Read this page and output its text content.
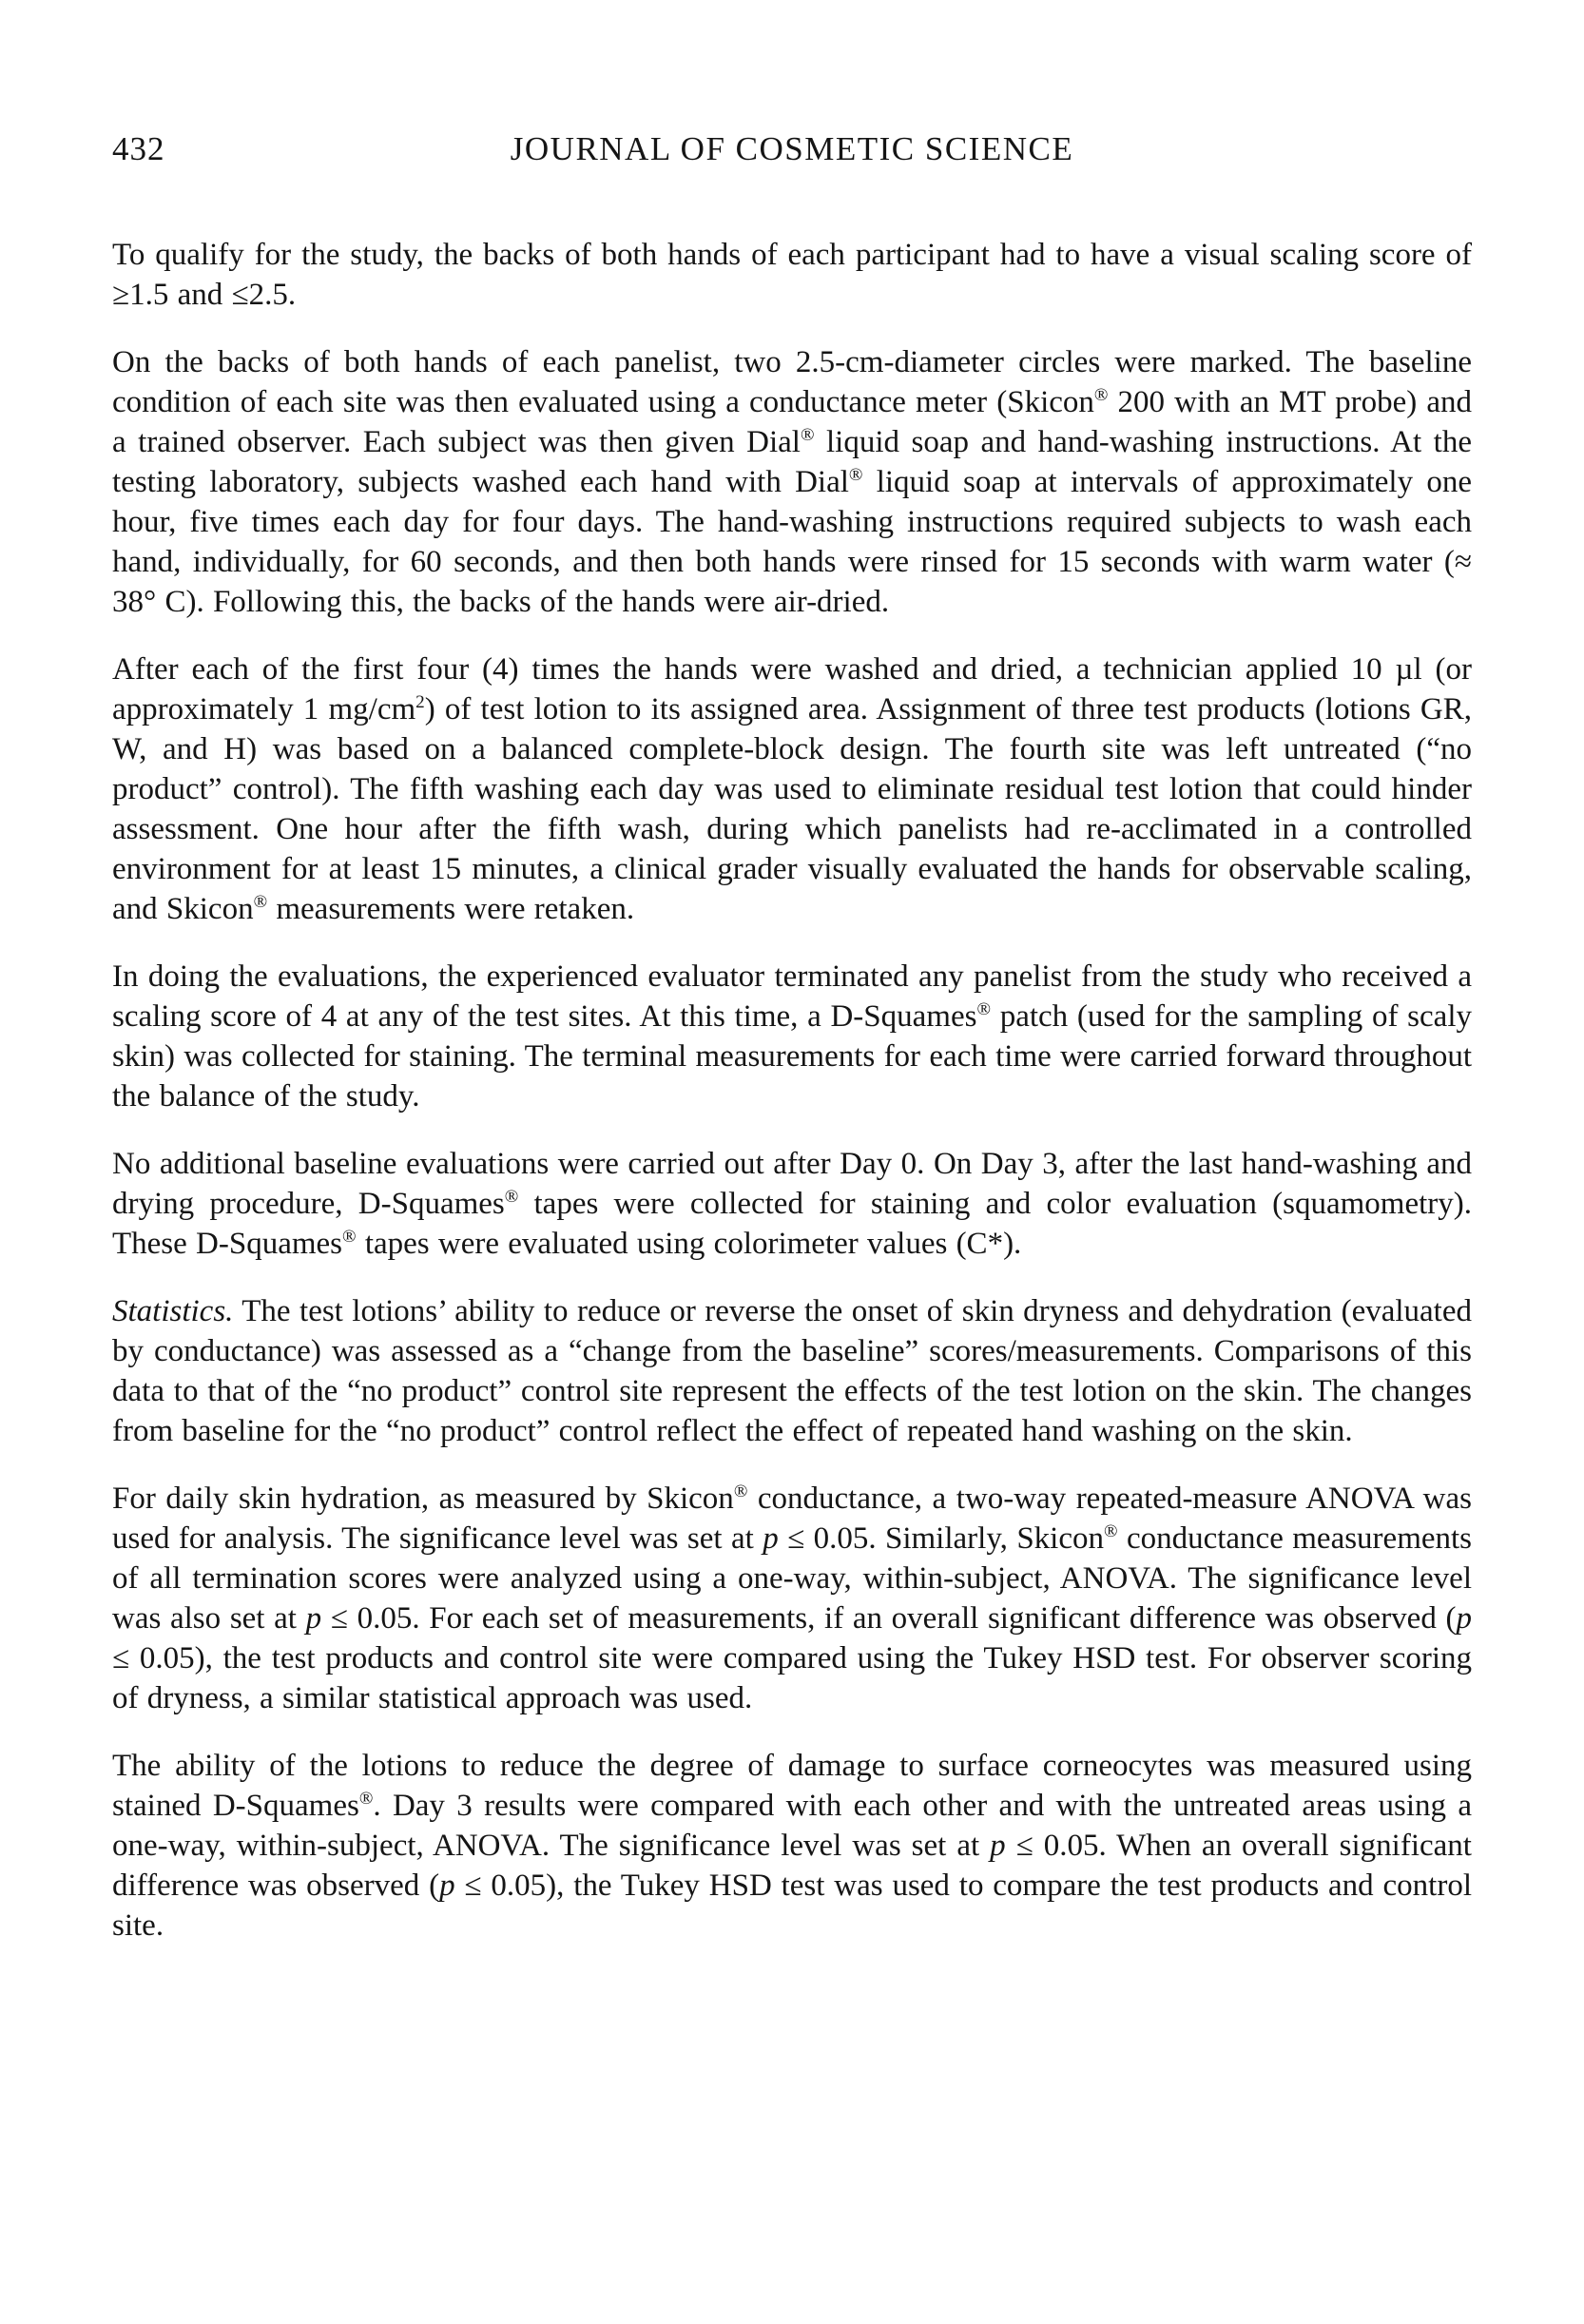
432	JOURNAL OF COSMETIC SCIENCE

To qualify for the study, the backs of both hands of each participant had to have a visual scaling score of ≥1.5 and ≤2.5.

On the backs of both hands of each panelist, two 2.5-cm-diameter circles were marked. The baseline condition of each site was then evaluated using a conductance meter (Skicon® 200 with an MT probe) and a trained observer. Each subject was then given Dial® liquid soap and hand-washing instructions. At the testing laboratory, subjects washed each hand with Dial® liquid soap at intervals of approximately one hour, five times each day for four days. The hand-washing instructions required subjects to wash each hand, individually, for 60 seconds, and then both hands were rinsed for 15 seconds with warm water (≈ 38° C). Following this, the backs of the hands were air-dried.

After each of the first four (4) times the hands were washed and dried, a technician applied 10 µl (or approximately 1 $mg/cm^2$) of test lotion to its assigned area. Assignment of three test products (lotions GR, W, and H) was based on a balanced complete-block design. The fourth site was left untreated (“no product” control). The fifth washing each day was used to eliminate residual test lotion that could hinder assessment. One hour after the fifth wash, during which panelists had re-acclimated in a controlled environment for at least 15 minutes, a clinical grader visually evaluated the hands for observable scaling, and Skicon® measurements were retaken.

In doing the evaluations, the experienced evaluator terminated any panelist from the study who received a scaling score of 4 at any of the test sites. At this time, a D-Squames® patch (used for the sampling of scaly skin) was collected for staining. The terminal measurements for each time were carried forward throughout the balance of the study.

No additional baseline evaluations were carried out after Day 0. On Day 3, after the last hand-washing and drying procedure, D-Squames® tapes were collected for staining and color evaluation (squamometry). These D-Squames® tapes were evaluated using colorimeter values (C*).

Statistics. The test lotions’ ability to reduce or reverse the onset of skin dryness and dehydration (evaluated by conductance) was assessed as a “change from the baseline” scores/measurements. Comparisons of this data to that of the “no product” control site represent the effects of the test lotion on the skin. The changes from baseline for the “no product” control reflect the effect of repeated hand washing on the skin.

For daily skin hydration, as measured by Skicon® conductance, a two-way repeated-measure ANOVA was used for analysis. The significance level was set at p ≤ 0.05. Similarly, Skicon® conductance measurements of all termination scores were analyzed using a one-way, within-subject, ANOVA. The significance level was also set at p ≤ 0.05. For each set of measurements, if an overall significant difference was observed (p ≤ 0.05), the test products and control site were compared using the Tukey HSD test. For observer scoring of dryness, a similar statistical approach was used.

The ability of the lotions to reduce the degree of damage to surface corneocytes was measured using stained D-Squames®. Day 3 results were compared with each other and with the untreated areas using a one-way, within-subject, ANOVA. The significance level was set at p ≤ 0.05. When an overall significant difference was observed (p ≤ 0.05), the Tukey HSD test was used to compare the test products and control site.
